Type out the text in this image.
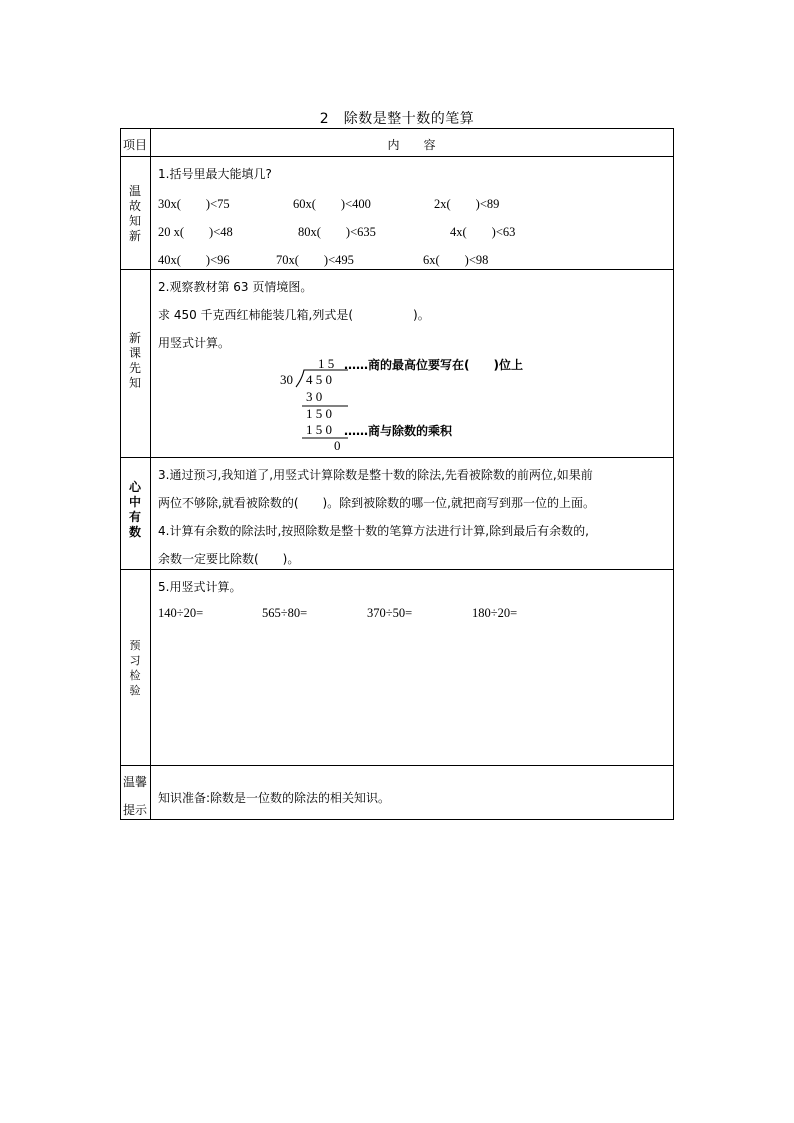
2　除数是整十数的笔算
项目	内　　容
温故知新
1.括号里最大能填几?
30x(　　)<75	60x(　　)<400	2x(　　)<89
20 x(　　)<48	80x(　　)<635	4x(　　)<63
40x(　　)<96	70x(　　)<495	6x(　　)<98
新课先知
2.观察教材第 63 页情境图。
求 450 千克西红柿能装几箱,列式是(　　　　　)。
用竖式计算。
1 5 ……商的最高位要写在(　　)位上
30 4 5 0
3 0
1 5 0
1 5 0 ……商与除数的乘积
0
心中有数
3.通过预习,我知道了,用竖式计算除数是整十数的除法,先看被除数的前两位,如果前
两位不够除,就看被除数的(　　)。除到被除数的哪一位,就把商写到那一位的上面。
4.计算有余数的除法时,按照除数是整十数的笔算方法进行计算,除到最后有余数的,
余数一定要比除数(　　)。
预习检验
5.用竖式计算。
140÷20=	565÷80=	370÷50=	180÷20=
温馨
提示
知识准备:除数是一位数的除法的相关知识。
